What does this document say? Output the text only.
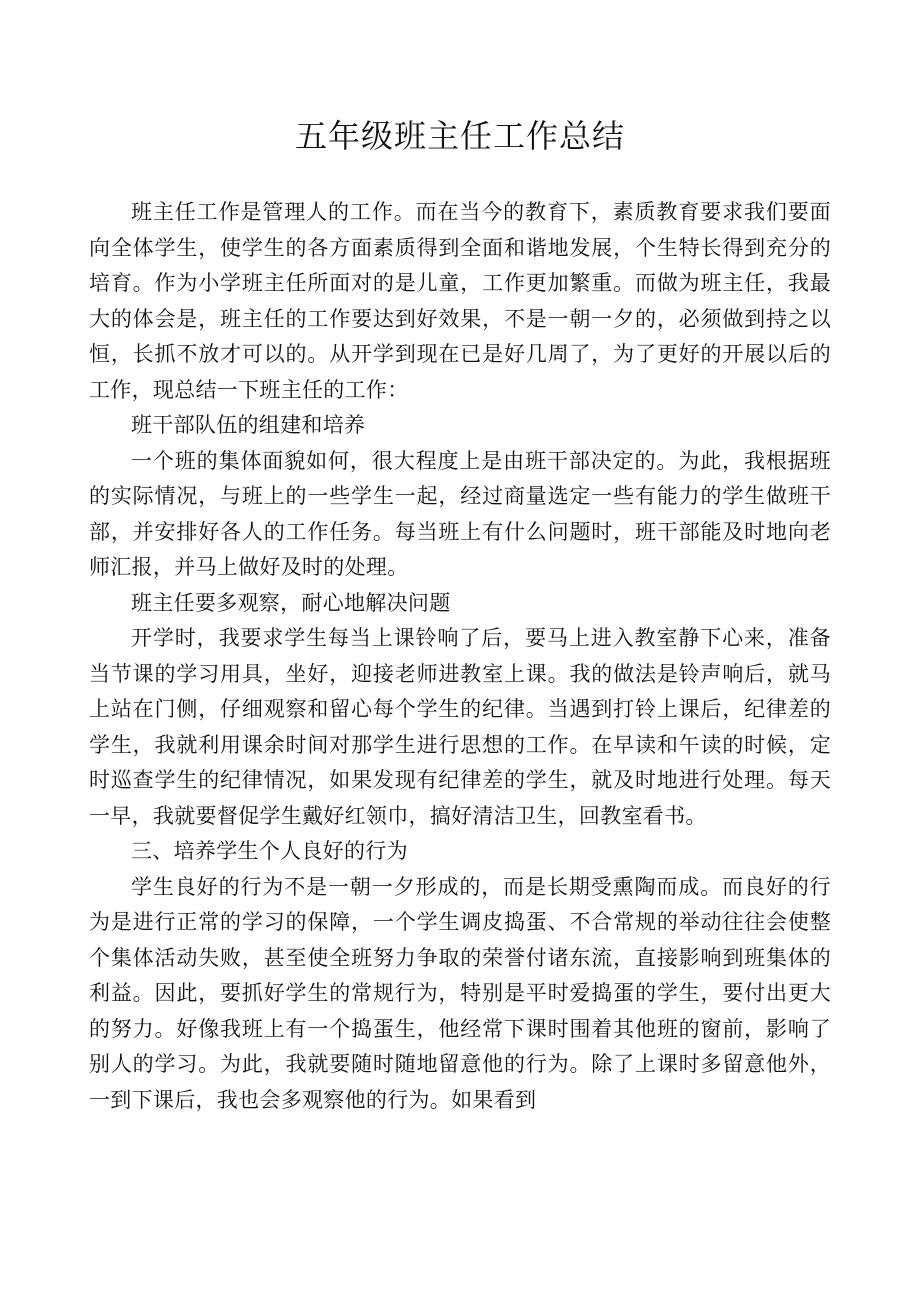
五年级班主任工作总结

班主任工作是管理人的工作。而在当今的教育下，素质教育要求我们要面向全体学生，使学生的各方面素质得到全面和谐地发展，个生特长得到充分的培育。作为小学班主任所面对的是儿童，工作更加繁重。而做为班主任，我最大的体会是，班主任的工作要达到好效果，不是一朝一夕的，必须做到持之以恒，长抓不放才可以的。从开学到现在已是好几周了，为了更好的开展以后的工作，现总结一下班主任的工作：

班干部队伍的组建和培养

一个班的集体面貌如何，很大程度上是由班干部决定的。为此，我根据班的实际情况，与班上的一些学生一起，经过商量选定一些有能力的学生做班干部，并安排好各人的工作任务。每当班上有什么问题时，班干部能及时地向老师汇报，并马上做好及时的处理。

班主任要多观察，耐心地解决问题

开学时，我要求学生每当上课铃响了后，要马上进入教室静下心来，准备当节课的学习用具，坐好，迎接老师进教室上课。我的做法是铃声响后，就马上站在门侧，仔细观察和留心每个学生的纪律。当遇到打铃上课后，纪律差的学生，我就利用课余时间对那学生进行思想的工作。在早读和午读的时候，定时巡查学生的纪律情况，如果发现有纪律差的学生，就及时地进行处理。每天一早，我就要督促学生戴好红领巾，搞好清洁卫生，回教室看书。

三、培养学生个人良好的行为

学生良好的行为不是一朝一夕形成的，而是长期受熏陶而成。而良好的行为是进行正常的学习的保障，一个学生调皮捣蛋、不合常规的举动往往会使整个集体活动失败，甚至使全班努力争取的荣誉付诸东流，直接影响到班集体的利益。因此，要抓好学生的常规行为，特别是平时爱捣蛋的学生，要付出更大的努力。好像我班上有一个捣蛋生，他经常下课时围着其他班的窗前，影响了别人的学习。为此，我就要随时随地留意他的行为。除了上课时多留意他外，一到下课后，我也会多观察他的行为。如果看到
